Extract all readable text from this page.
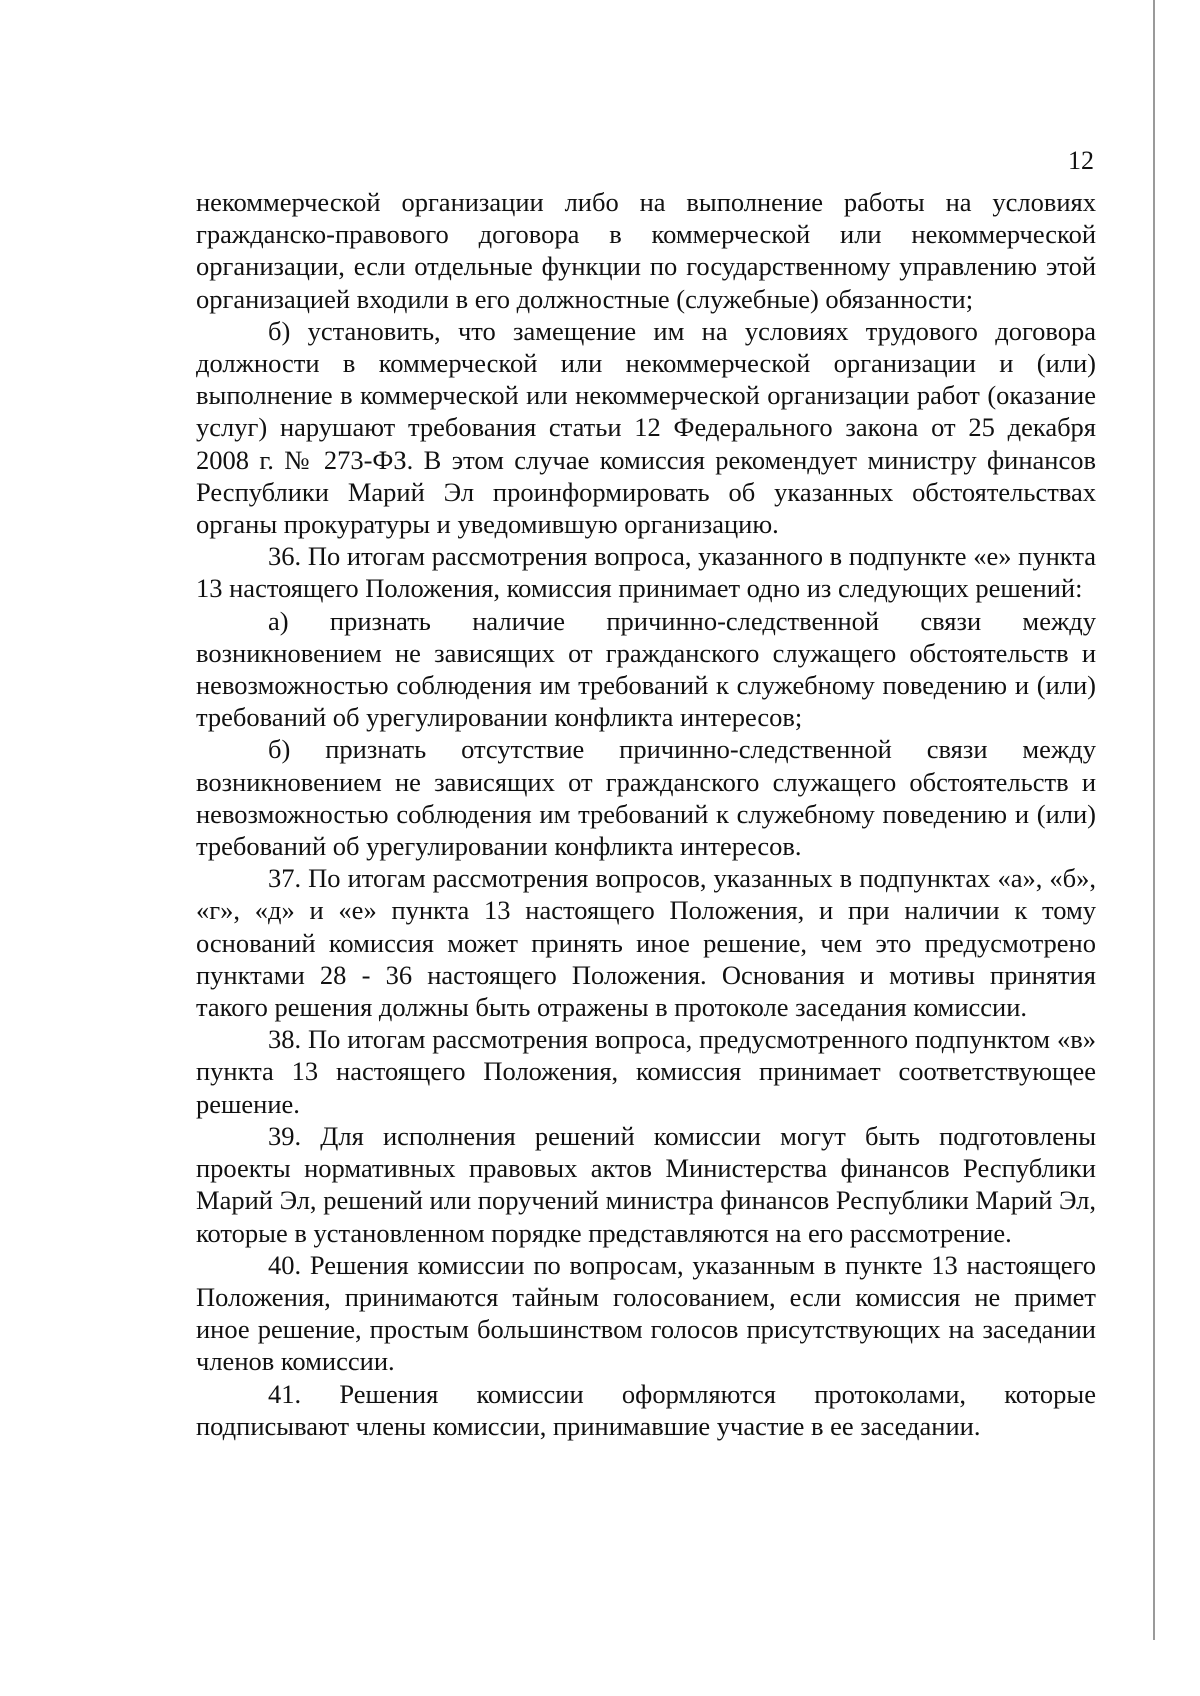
12

некоммерческой организации либо на выполнение работы на условиях гражданско-правового договора в коммерческой или некоммерческой организации, если отдельные функции по государственному управлению этой организацией входили в его должностные (служебные) обязанности;

б) установить, что замещение им на условиях трудового договора должности в коммерческой или некоммерческой организации и (или) выполнение в коммерческой или некоммерческой организации работ (оказание услуг) нарушают требования статьи 12 Федерального закона от 25 декабря 2008 г. № 273-ФЗ. В этом случае комиссия рекомендует министру финансов Республики Марий Эл проинформировать об указанных обстоятельствах органы прокуратуры и уведомившую организацию.

36. По итогам рассмотрения вопроса, указанного в подпункте «е» пункта 13 настоящего Положения, комиссия принимает одно из следующих решений:

а) признать наличие причинно-следственной связи между возникновением не зависящих от гражданского служащего обстоятельств и невозможностью соблюдения им требований к служебному поведению и (или) требований об урегулировании конфликта интересов;

б) признать отсутствие причинно-следственной связи между возникновением не зависящих от гражданского служащего обстоятельств и невозможностью соблюдения им требований к служебному поведению и (или) требований об урегулировании конфликта интересов.

37. По итогам рассмотрения вопросов, указанных в подпунктах «а», «б», «г», «д» и «е» пункта 13 настоящего Положения, и при наличии к тому оснований комиссия может принять иное решение, чем это предусмотрено пунктами 28 - 36 настоящего Положения. Основания и мотивы принятия такого решения должны быть отражены в протоколе заседания комиссии.

38. По итогам рассмотрения вопроса, предусмотренного подпунктом «в» пункта 13 настоящего Положения, комиссия принимает соответствующее решение.

39. Для исполнения решений комиссии могут быть подготовлены проекты нормативных правовых актов Министерства финансов Республики Марий Эл, решений или поручений министра финансов Республики Марий Эл, которые в установленном порядке представляются на его рассмотрение.

40. Решения комиссии по вопросам, указанным в пункте 13 настоящего Положения, принимаются тайным голосованием, если комиссия не примет иное решение, простым большинством голосов присутствующих на заседании членов комиссии.

41. Решения комиссии оформляются протоколами, которые подписывают члены комиссии, принимавшие участие в ее заседании.
